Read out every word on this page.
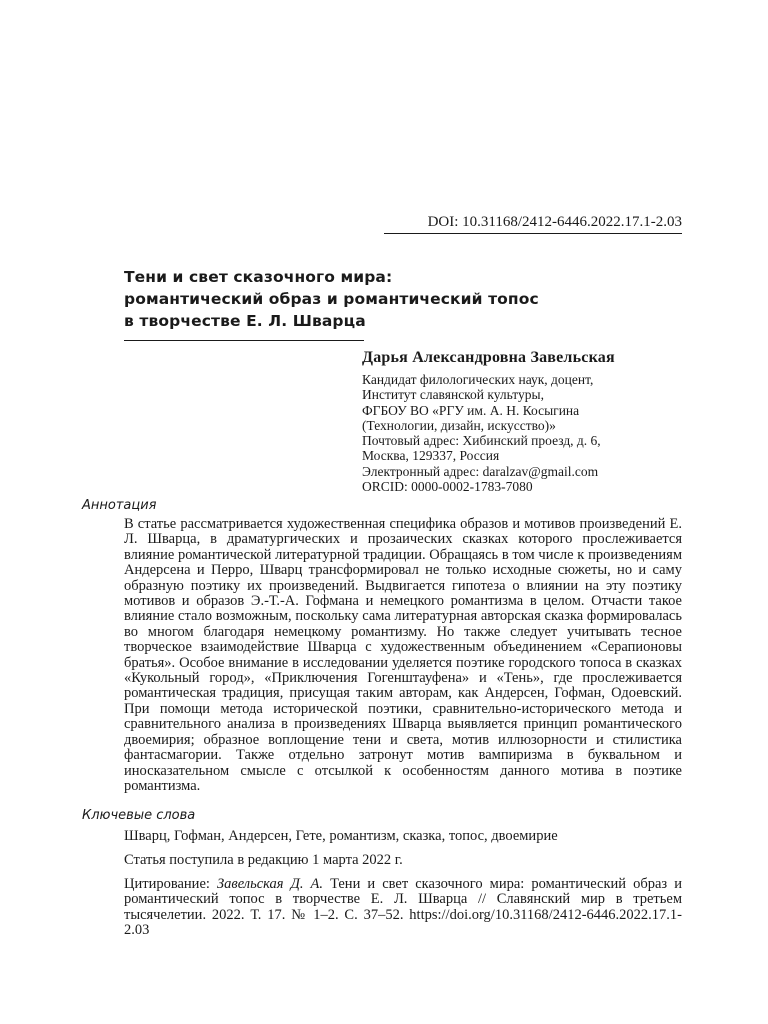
DOI: 10.31168/2412-6446.2022.17.1-2.03
Тени и свет сказочного мира:
романтический образ и романтический топос
в творчестве Е. Л. Шварца
Дарья Александровна Завельская
Кандидат филологических наук, доцент,
Институт славянской культуры,
ФГБОУ ВО «РГУ им. А. Н. Косыгина
(Технологии, дизайн, искусство)»
Почтовый адрес: Хибинский проезд, д. 6,
Москва, 129337, Россия
Электронный адрес: daralzav@gmail.com
ORCID: 0000-0002-1783-7080
Аннотация
В статье рассматривается художественная специфика образов и мотивов произведений Е. Л. Шварца, в драматургических и прозаических сказках которого прослеживается влияние романтической литературной традиции. Обращаясь в том числе к произведениям Андерсена и Перро, Шварц трансформировал не только исходные сюжеты, но и саму образную поэтику их произведений. Выдвигается гипотеза о влиянии на эту поэтику мотивов и образов Э.-Т.-А. Гофмана и немецкого романтизма в целом. Отчасти такое влияние стало возможным, поскольку сама литературная авторская сказка формировалась во многом благодаря немецкому романтизму. Но также следует учитывать тесное творческое взаимодействие Шварца с художественным объединением «Серапионовы братья». Особое внимание в исследовании уделяется поэтике городского топоса в сказках «Кукольный город», «Приключения Гогенштауфена» и «Тень», где прослеживается романтическая традиция, присущая таким авторам, как Андерсен, Гофман, Одоевский. При помощи метода исторической поэтики, сравнительно-исторического метода и сравнительного анализа в произведениях Шварца выявляется принцип романтического двоемирия; образное воплощение тени и света, мотив иллюзорности и стилистика фантасмагории. Также отдельно затронут мотив вампиризма в буквальном и иносказательном смысле с отсылкой к особенностям данного мотива в поэтике романтизма.
Ключевые слова
Шварц, Гофман, Андерсен, Гете, романтизм, сказка, топос, двоемирие
Статья поступила в редакцию 1 марта 2022 г.
Цитирование: Завельская Д. А. Тени и свет сказочного мира: романтический образ и романтический топос в творчестве Е. Л. Шварца // Славянский мир в третьем тысячелетии. 2022. Т. 17. № 1–2. С. 37–52. https://doi.org/10.31168/2412-6446.2022.17.1-2.03
